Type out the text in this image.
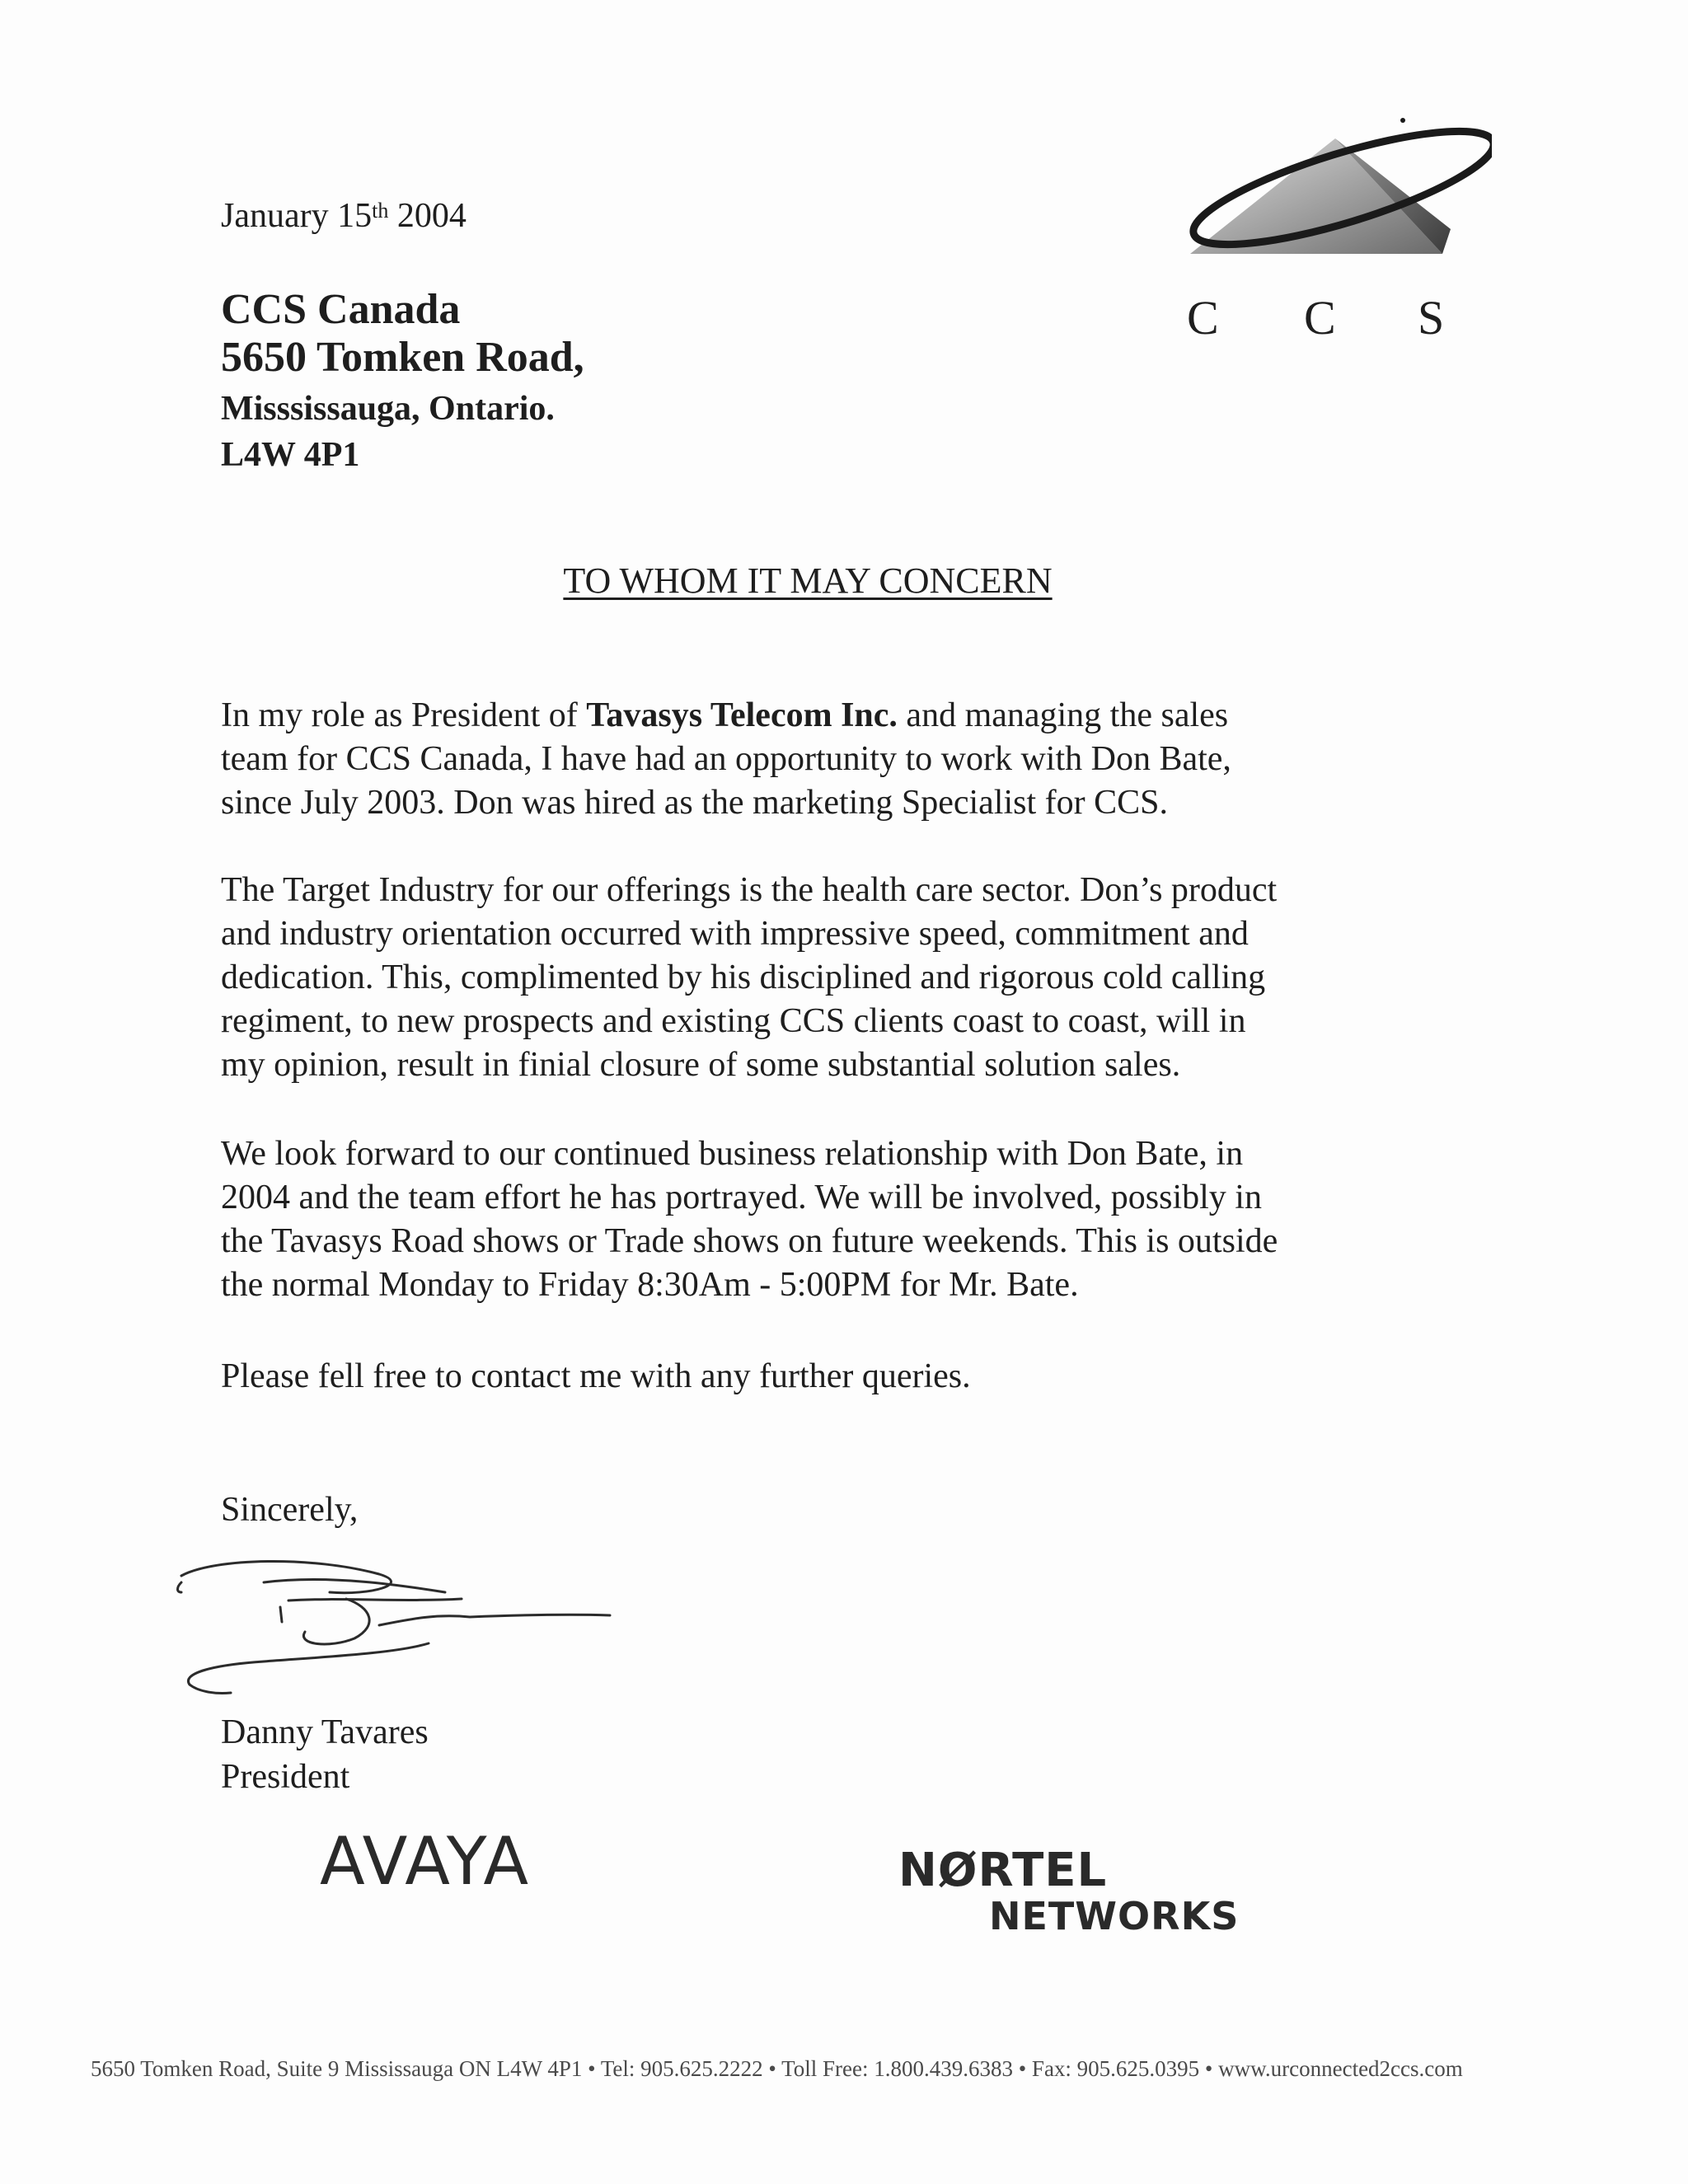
January 15th 2004
C C S
CCS Canada
5650 Tomken Road,
Misssissauga, Ontario.
L4W 4P1
TO WHOM IT MAY CONCERN
In my role as President of Tavasys Telecom Inc. and managing the sales
team for CCS Canada, I have had an opportunity to work with Don Bate,
since July 2003. Don was hired as the marketing Specialist for CCS.
The Target Industry for our offerings is the health care sector. Don’s product
and industry orientation occurred with impressive speed, commitment and
dedication. This, complimented by his disciplined and rigorous cold calling
regiment, to new prospects and existing CCS clients coast to coast, will in
my opinion, result in finial closure of some substantial solution sales.
We look forward to our continued business relationship with Don Bate, in
2004 and the team effort he has portrayed. We will be involved, possibly in
the Tavasys Road shows or Trade shows on future weekends. This is outside
the normal Monday to Friday 8:30Am - 5:00PM for Mr. Bate.
Please fell free to contact me with any further queries.
Sincerely,
Danny Tavares
President
AVAYA	NØRTEL
NETWORKS
5650 Tomken Road, Suite 9 Mississauga ON L4W 4P1 • Tel: 905.625.2222 • Toll Free: 1.800.439.6383 • Fax: 905.625.0395 • www.urconnected2ccs.com
